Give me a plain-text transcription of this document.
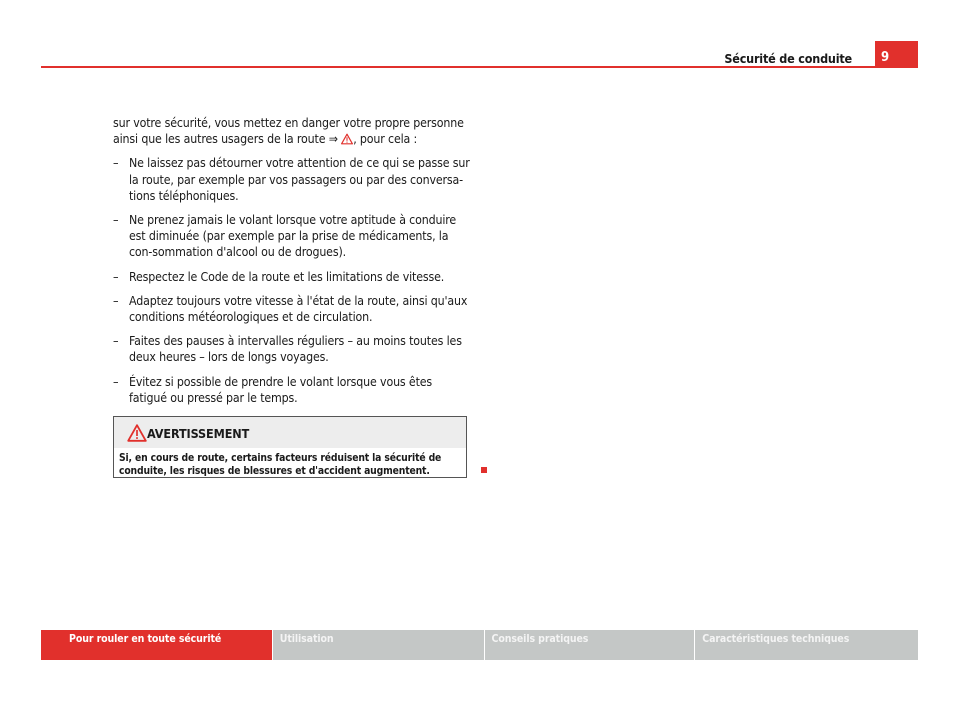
Sécurité de conduite	9

sur votre sécurité, vous mettez en danger votre propre personne ainsi que les autres usagers de la route ⇒ , pour cela :

– Ne laissez pas détourner votre attention de ce qui se passe sur la route, par exemple par vos passagers ou par des conversa-tions téléphoniques.
– Ne prenez jamais le volant lorsque votre aptitude à conduire est diminuée (par exemple par la prise de médicaments, la con-sommation d'alcool ou de drogues).
– Respectez le Code de la route et les limitations de vitesse.
– Adaptez toujours votre vitesse à l'état de la route, ainsi qu'aux conditions météorologiques et de circulation.
– Faites des pauses à intervalles réguliers – au moins toutes les deux heures – lors de longs voyages.
– Évitez si possible de prendre le volant lorsque vous êtes fatigué ou pressé par le temps.
AVERTISSEMENT
Si, en cours de route, certains facteurs réduisent la sécurité de conduite, les risques de blessures et d'accident augmentent.
Pour rouler en toute sécurité	Utilisation	Conseils pratiques	Caractéristiques techniques
